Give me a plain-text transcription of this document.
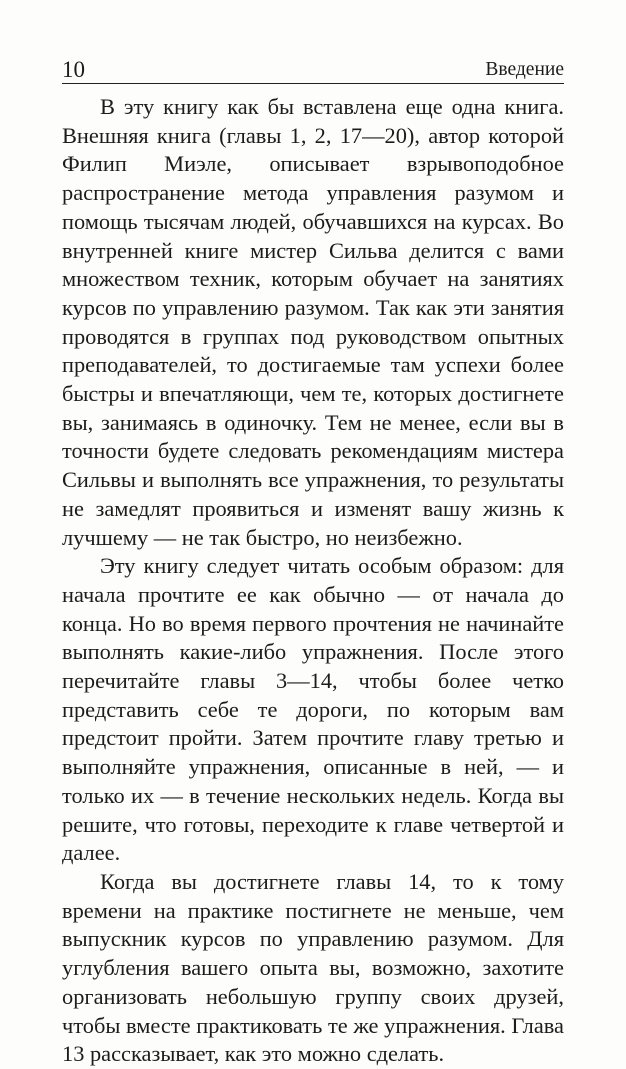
10	Введение

В эту книгу как бы вставлена еще одна книга. Внешняя книга (главы 1, 2, 17—20), автор которой Филип Миэле, описывает взрывоподобное распространение метода управления разумом и помощь тысячам людей, обучавшихся на курсах. Во внутренней книге мистер Сильва делится с вами множеством техник, которым обучает на занятиях курсов по управлению разумом. Так как эти занятия проводятся в группах под руководством опытных преподавателей, то достигаемые там успехи более быстры и впечатляющи, чем те, которых достигнете вы, занимаясь в одиночку. Тем не менее, если вы в точности будете следовать рекомендациям мистера Сильвы и выполнять все упражнения, то результаты не замедлят проявиться и изменят вашу жизнь к лучшему — не так быстро, но неизбежно.

Эту книгу следует читать особым образом: для начала прочтите ее как обычно — от начала до конца. Но во время первого прочтения не начинайте выполнять какие-либо упражнения. После этого перечитайте главы 3—14, чтобы более четко представить себе те дороги, по которым вам предстоит пройти. Затем прочтите главу третью и выполняйте упражнения, описанные в ней, — и только их — в течение нескольких недель. Когда вы решите, что готовы, переходите к главе четвертой и далее.

Когда вы достигнете главы 14, то к тому времени на практике постигнете не меньше, чем выпускник курсов по управлению разумом. Для углубления вашего опыта вы, возможно, захотите организовать небольшую группу своих друзей, чтобы вместе практиковать те же упражнения. Глава 13 рассказывает, как это можно сделать.
